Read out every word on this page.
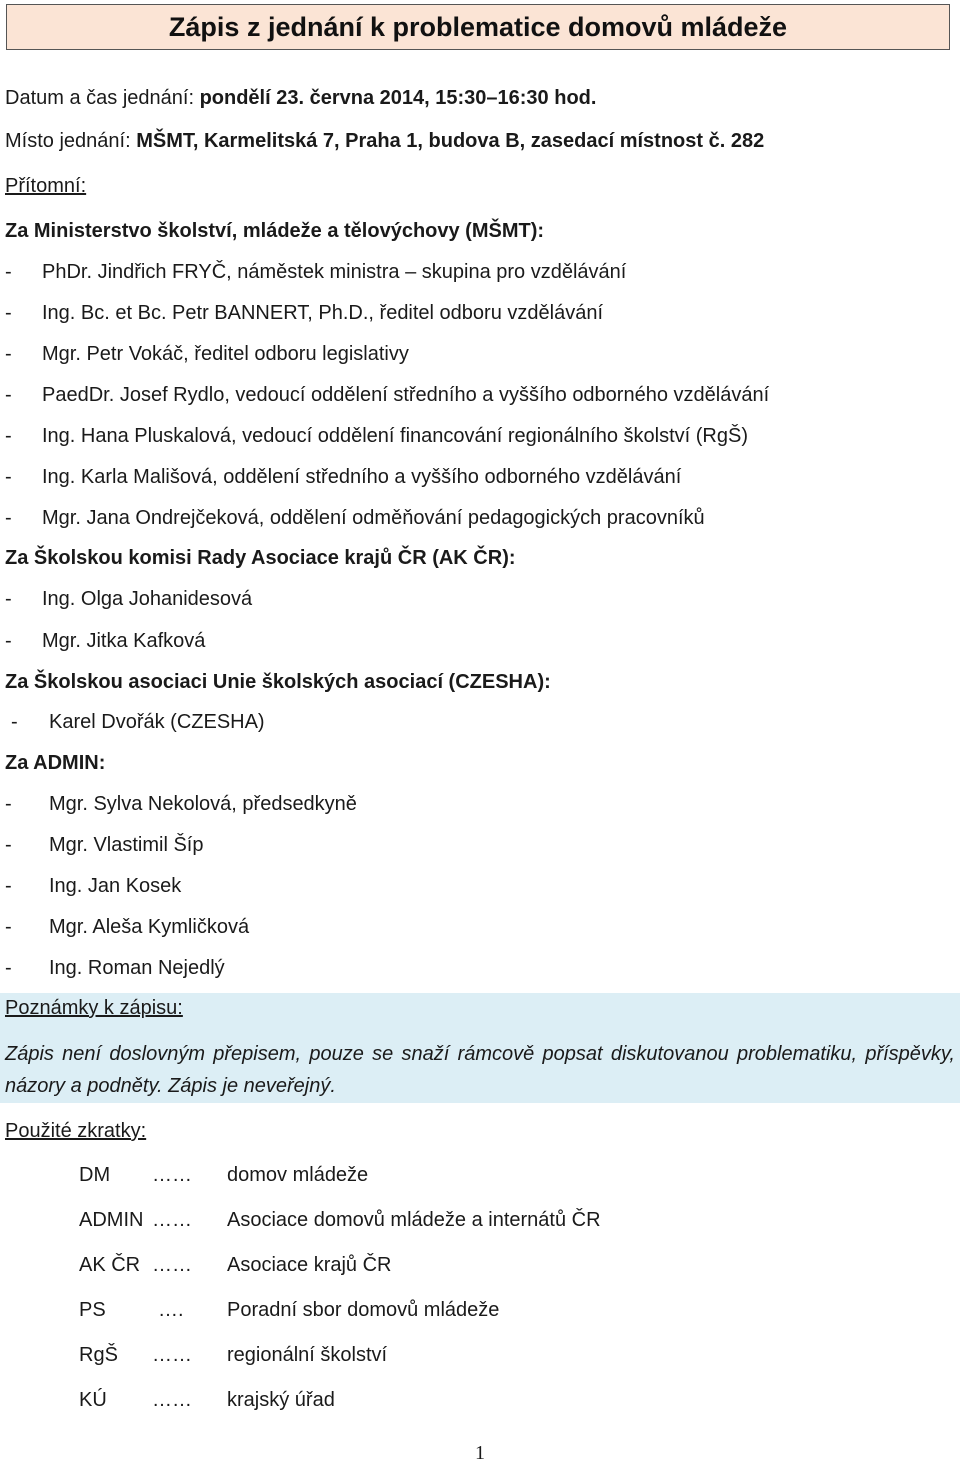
Zápis z jednání k problematice domovů mládeže
Datum a čas jednání: pondělí 23. června 2014, 15:30–16:30 hod.
Místo jednání: MŠMT, Karmelitská 7, Praha 1, budova B, zasedací místnost č. 282
Přítomní:
Za Ministerstvo školství, mládeže a tělovýchovy (MŠMT):
- PhDr. Jindřich FRYČ, náměstek ministra – skupina pro vzdělávání
- Ing. Bc. et Bc. Petr BANNERT, Ph.D., ředitel odboru vzdělávání
- Mgr. Petr Vokáč, ředitel odboru legislativy
- PaedDr. Josef Rydlo, vedoucí oddělení středního a vyššího odborného vzdělávání
- Ing. Hana Pluskalová, vedoucí oddělení financování regionálního školství (RgŠ)
- Ing. Karla Mališová, oddělení středního a vyššího odborného vzdělávání
- Mgr. Jana Ondrejčeková, oddělení odměňování pedagogických pracovníků
Za Školskou komisi Rady Asociace krajů ČR (AK ČR):
- Ing. Olga Johanidesová
- Mgr. Jitka Kafková
Za Školskou asociaci Unie školských asociací (CZESHA):
- Karel Dvořák (CZESHA)
Za ADMIN:
- Mgr. Sylva Nekolová, předsedkyně
- Mgr. Vlastimil Šíp
- Ing. Jan Kosek
- Mgr. Aleša Kymličková
- Ing. Roman Nejedlý
Poznámky k zápisu:
Zápis není doslovným přepisem, pouze se snaží rámcově popsat diskutovanou problematiku, příspěvky, názory a podněty. Zápis je neveřejný.
Použité zkratky:
DM …… domov mládeže
ADMIN …… Asociace domovů mládeže a internátů ČR
AK ČR …… Asociace krajů ČR
PS	…. Poradní sbor domovů mládeže
RgŠ …… regionální školství
KÚ …… krajský úřad
1
